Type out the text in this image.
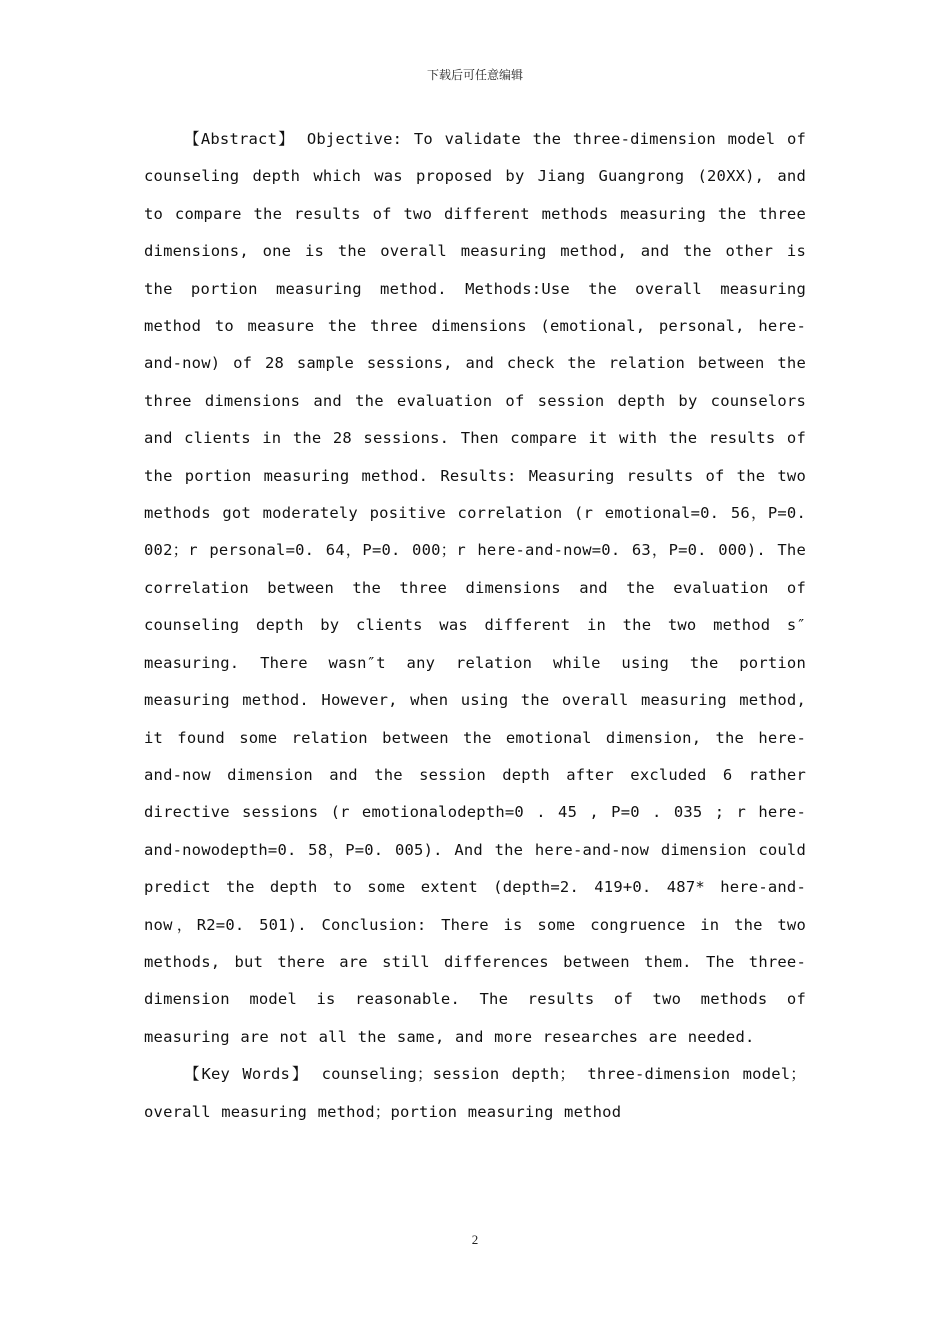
下载后可任意编辑

【Abstract】 Objective: To validate the three-dimension model of counseling depth which was proposed by Jiang Guangrong (20XX), and to compare the results of two different methods measuring the three dimensions, one is the overall measuring method, and the other is the portion measuring method. Methods:Use the overall measuring method to measure the three dimensions (emotional, personal, here-and-now) of 28 sample sessions, and check the relation between the three dimensions and the evaluation of session depth by counselors and clients in the 28 sessions. Then compare it with the results of the portion measuring method. Results: Measuring results of the two methods got moderately positive correlation (r emotional=0. 56，P=0. 002；r personal=0. 64，P=0. 000；r here-and-now=0. 63，P=0. 000). The correlation between the three dimensions and the evaluation of counseling depth by clients was different in the two method s″ measuring. There wasn″t any relation while using the portion measuring method. However, when using the overall measuring method, it found some relation between the emotional dimension, the here-and-now dimension and the session depth after excluded 6 rather directive sessions (r emotionalodepth=0 . 45 , P=0 . 035 ; r here-and-nowodepth=0. 58，P=0. 005). And the here-and-now dimension could predict the depth to some extent (depth=2. 419+0. 487* here-and-now，R2=0. 501). Conclusion: There is some congruence in the two methods, but there are still differences between them. The three-dimension model is reasonable. The results of two methods of measuring are not all the same, and more researches are needed.

【Key Words】 counseling；session depth； three-dimension model；overall measuring method；portion measuring method

2
